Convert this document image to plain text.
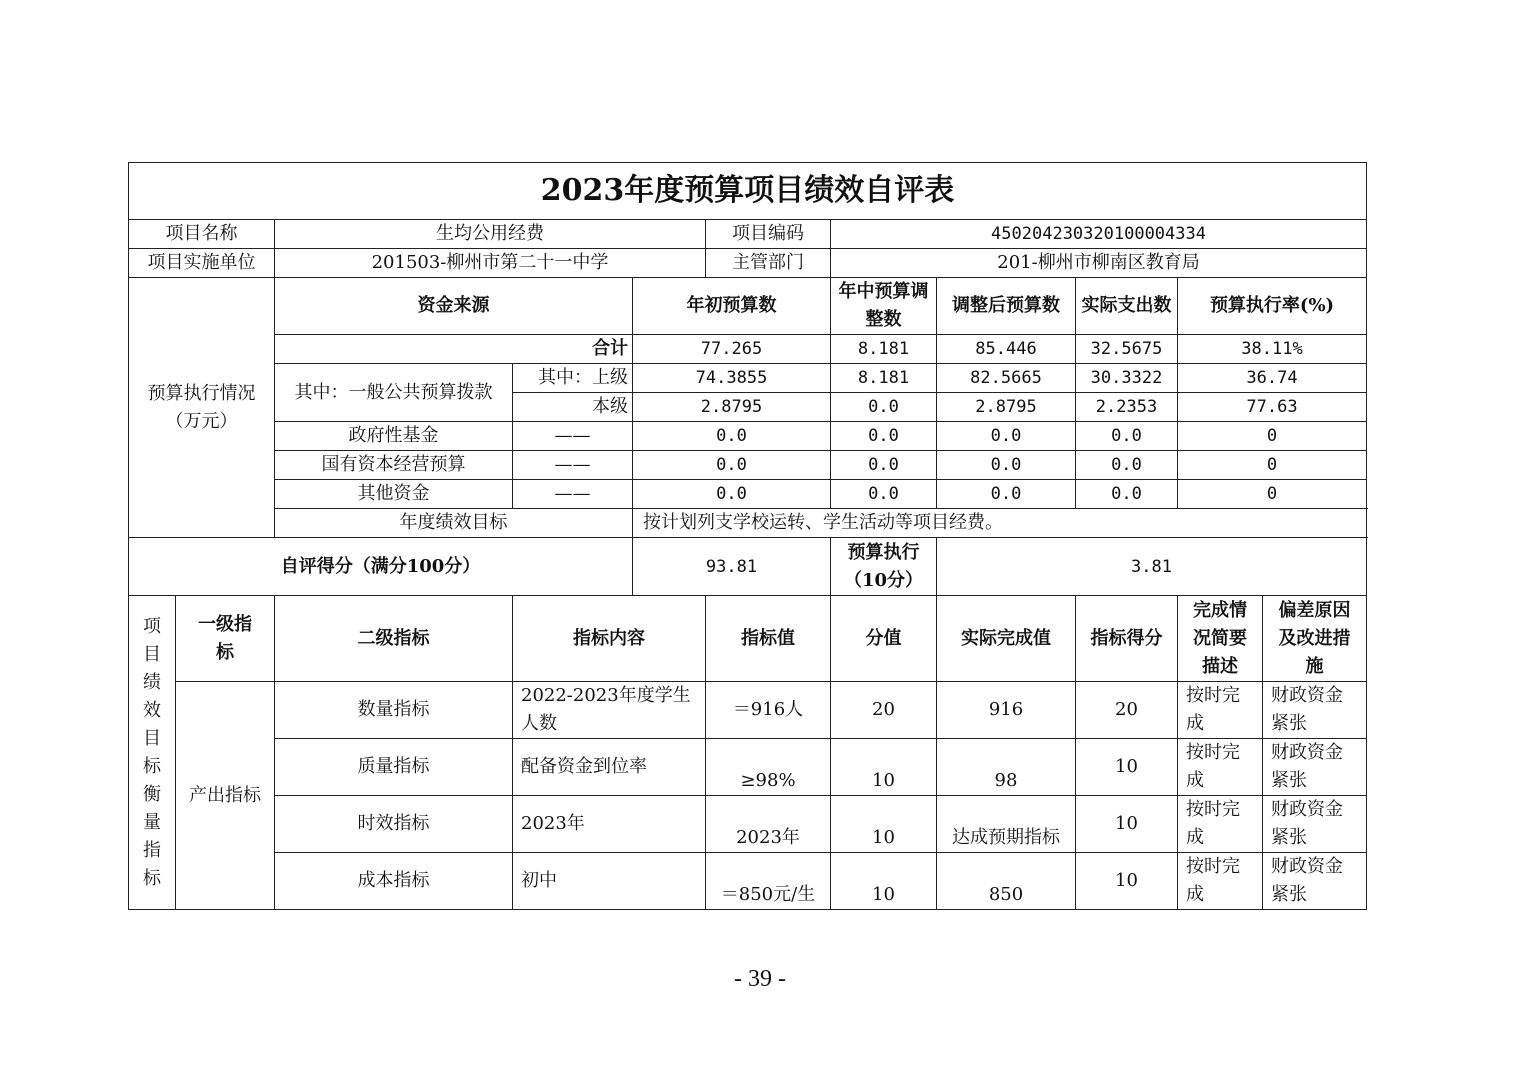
2023年度预算项目绩效自评表										
项目名称		生均公用经费			项目编码	450204230320100004334				
项目实施单位		201503-柳州市第二十一中学			主管部门	201-柳州市柳南区教育局				
预算执行情况（万元）		资金来源		年初预算数		年中预算调整数	调整后预算数	实际支出数	预算执行率(%)	
		合计		77.265		8.181	85.446	32.5675	38.11%	
		其中：一般公共预算拨款	其中：上级	74.3855		8.181	82.5665	30.3322	36.74	
			本级	2.8795		0.0	2.8795	2.2353	77.63	
		政府性基金	——	0.0		0.0	0.0	0.0	0	
		国有资本经营预算	——	0.0		0.0	0.0	0.0	0	
		其他资金	——	0.0		0.0	0.0	0.0	0	
		年度绩效目标		按计划列支学校运转、学生活动等项目经费。						
自评得分（满分100分）				93.81		预算执行（10分）	3.81			
项目绩效目标衡量指标	一级指标	二级指标	指标内容		指标值	分值	实际完成值	指标得分	完成情况简要描述	偏差原因及改进措施
	产出指标	数量指标	2022-2023年度学生人数		＝916人	20	916	20	按时完成	财政资金紧张
		质量指标	配备资金到位率		≥98%	10	98	10	按时完成	财政资金紧张
		时效指标	2023年		2023年	10	达成预期指标	10	按时完成	财政资金紧张
		成本指标	初中		＝850元/生	10	850	10	按时完成	财政资金紧张
- 39 -
